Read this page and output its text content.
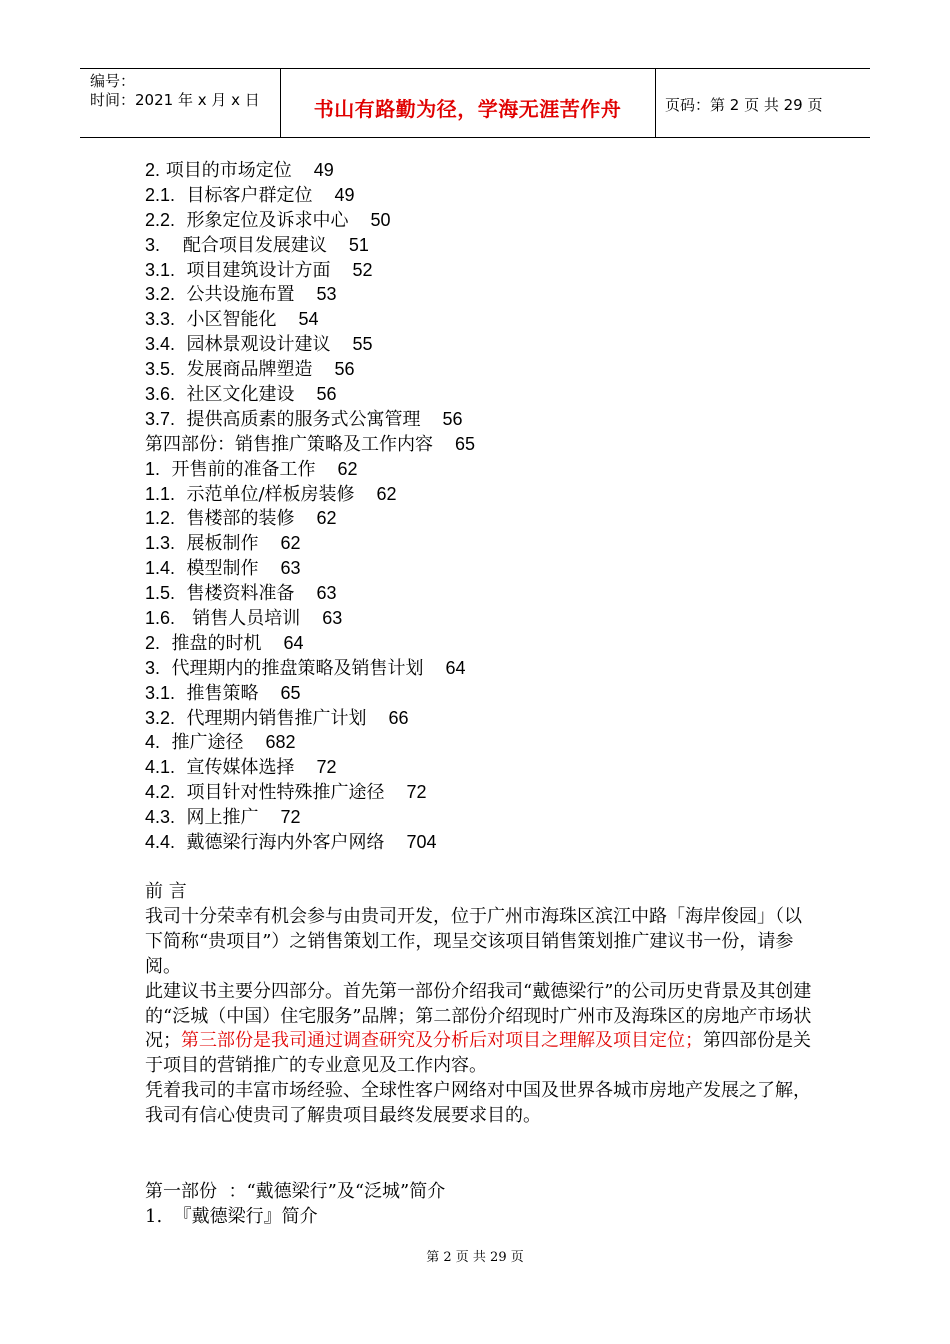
编号：
时间：2021 年 x 月 x 日	书山有路勤为径，学海无涯苦作舟	页码：第 2 页 共 29 页
2. 项目的市场定位 49
2.1.  目标客户群定位 49
2.2.  形象定位及诉求中心 50
3.    配合项目发展建议 51
3.1.  项目建筑设计方面 52
3.2.  公共设施布置 53
3.3.  小区智能化 54
3.4.  园林景观设计建议 55
3.5.  发展商品牌塑造 56
3.6.  社区文化建设 56
3.7.  提供高质素的服务式公寓管理 56
第四部份：销售推广策略及工作内容 65
1.  开售前的准备工作 62
1.1.  示范单位/样板房装修 62
1.2.  售楼部的装修 62
1.3.  展板制作 62
1.4.  模型制作 63
1.5.  售楼资料准备 63
1.6.   销售人员培训 63
2.  推盘的时机 64
3.  代理期内的推盘策略及销售计划 64
3.1.  推售策略 65
3.2.  代理期内销售推广计划 66
4.  推广途径 682
4.1.  宣传媒体选择 72
4.2.  项目针对性特殊推广途径 72
4.3.  网上推广 72
4.4.  戴德梁行海内外客户网络 704

前 言

我司十分荣幸有机会参与由贵司开发，位于广州市海珠区滨江中路「海岸俊园」（以下简称“贵项目”）之销售策划工作，现呈交该项目销售策划推广建议书一份，请参阅。

此建议书主要分四部分。首先第一部份介绍我司“戴德梁行”的公司历史背景及其创建的“泛城（中国）住宅服务”品牌；第二部份介绍现时广州市及海珠区的房地产市场状况；第三部份是我司通过调查研究及分析后对项目之理解及项目定位；第四部份是关于项目的营销推广的专业意见及工作内容。

凭着我司的丰富市场经验、全球性客户网络对中国及世界各城市房地产发展之了解，我司有信心使贵司了解贵项目最终发展要求目的。

第一部份  ：“戴德梁行”及“泛城”简介
1.  『戴德梁行』简介
第 2 页 共 29 页
